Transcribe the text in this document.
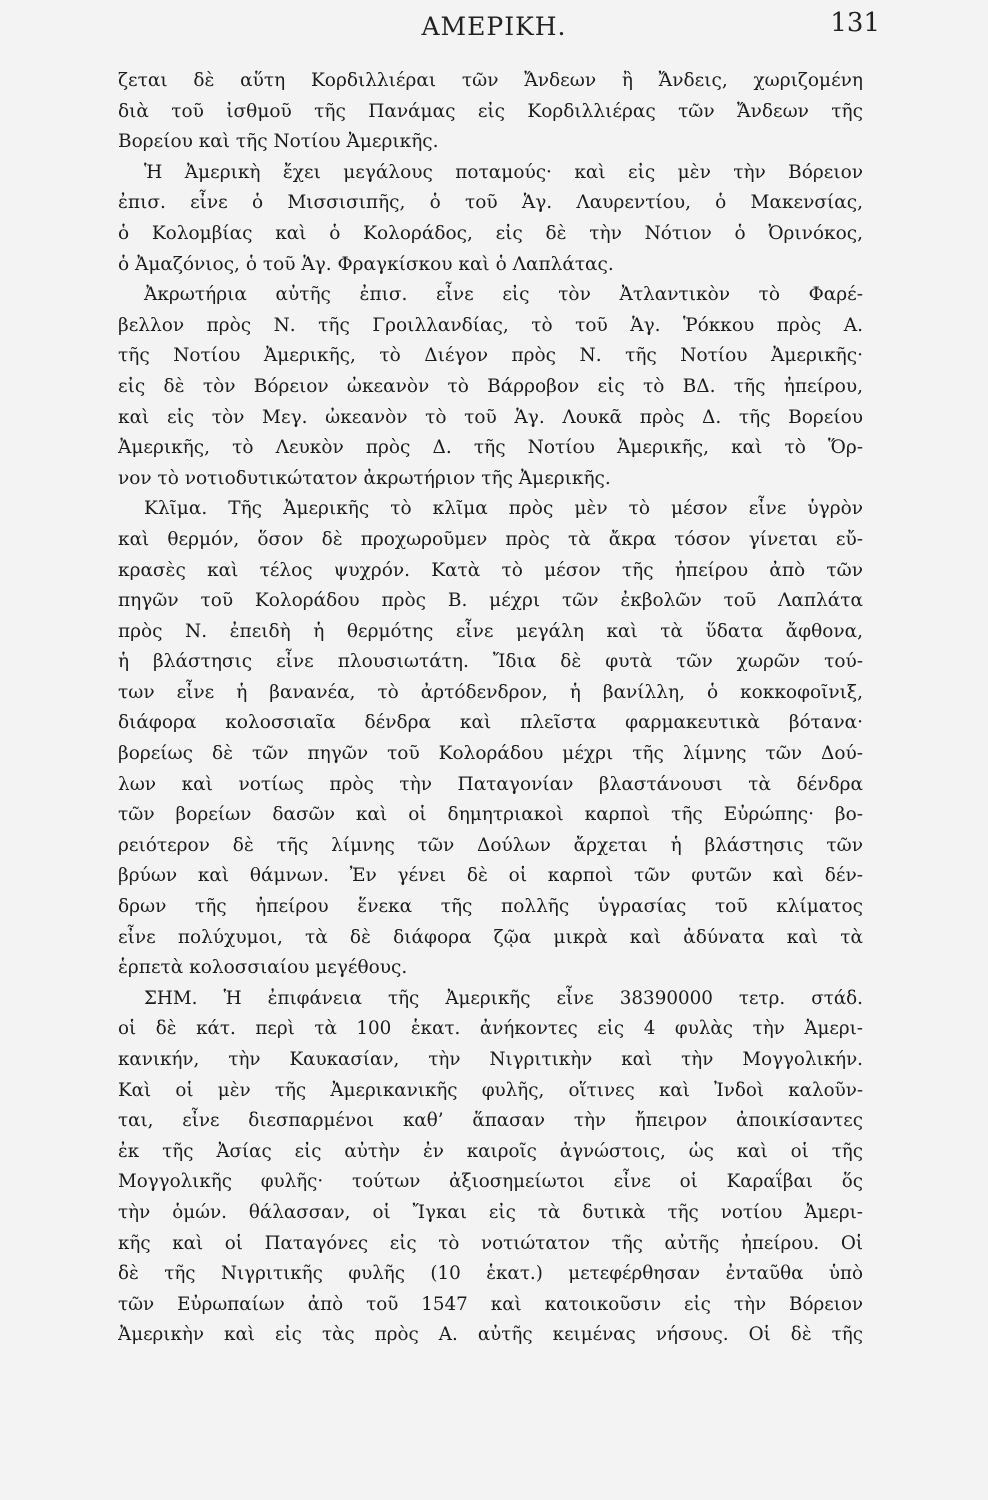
ΑΜΕΡΙΚΗ.	131
ζεται δὲ αὕτη Κορδιλλιέραι τῶν Ἄνδεων ἢ Ἄνδεις, χωριζομένη
διὰ τοῦ ἰσθμοῦ τῆς Πανάμας εἰς Κορδιλλιέρας τῶν Ἄνδεων τῆς
Βορείου καὶ τῆς Νοτίου Ἀμερικῆς.
Ἡ Ἀμερικὴ ἔχει μεγάλους ποταμούς· καὶ εἰς μὲν τὴν Βόρειον
ἐπισ. εἶνε ὁ Μισσισιπῆς, ὁ τοῦ Ἁγ. Λαυρεντίου, ὁ Μακενσίας,
ὁ Κολομβίας καὶ ὁ Κολοράδος, εἰς δὲ τὴν Νότιον ὁ Ὀρινόκος,
ὁ Ἀμαζόνιος, ὁ τοῦ Ἁγ. Φραγκίσκου καὶ ὁ Λαπλάτας.
Ἀκρωτήρια αὐτῆς ἐπισ. εἶνε εἰς τὸν Ἀτλαντικὸν τὸ Φαρέ-
βελλον πρὸς Ν. τῆς Γροιλλανδίας, τὸ τοῦ Ἁγ. Ῥόκκου πρὸς Α.
τῆς Νοτίου Ἀμερικῆς, τὸ Διέγον πρὸς Ν. τῆς Νοτίου Ἀμερικῆς·
εἰς δὲ τὸν Βόρειον ὠκεανὸν τὸ Βάρροβον εἰς τὸ ΒΔ. τῆς ἠπείρου,
καὶ εἰς τὸν Μεγ. ὠκεανὸν τὸ τοῦ Ἁγ. Λουκᾶ πρὸς Δ. τῆς Βορείου
Ἀμερικῆς, τὸ Λευκὸν πρὸς Δ. τῆς Νοτίου Ἀμερικῆς, καὶ τὸ Ὅρ-
νον τὸ νοτιοδυτικώτατον ἀκρωτήριον τῆς Ἀμερικῆς.
Κλῖμα. Τῆς Ἀμερικῆς τὸ κλῖμα πρὸς μὲν τὸ μέσον εἶνε ὑγρὸν
καὶ θερμόν, ὅσον δὲ προχωροῦμεν πρὸς τὰ ἄκρα τόσον γίνεται εὔ-
κρασὲς καὶ τέλος ψυχρόν. Κατὰ τὸ μέσον τῆς ἠπείρου ἀπὸ τῶν
πηγῶν τοῦ Κολοράδου πρὸς Β. μέχρι τῶν ἐκβολῶν τοῦ Λαπλάτα
πρὸς Ν. ἐπειδὴ ἡ θερμότης εἶνε μεγάλη καὶ τὰ ὕδατα ἄφθονα,
ἡ βλάστησις εἶνε πλουσιωτάτη. Ἴδια δὲ φυτὰ τῶν χωρῶν τού-
των εἶνε ἡ βανανέα, τὸ ἀρτόδενδρον, ἡ βανίλλη, ὁ κοκκοφοῖνιξ,
διάφορα κολοσσιαῖα δένδρα καὶ πλεῖστα φαρμακευτικὰ βότανα·
βορείως δὲ τῶν πηγῶν τοῦ Κολοράδου μέχρι τῆς λίμνης τῶν Δού-
λων καὶ νοτίως πρὸς τὴν Παταγονίαν βλαστάνουσι τὰ δένδρα
τῶν βορείων δασῶν καὶ οἱ δημητριακοὶ καρποὶ τῆς Εὐρώπης· βο-
ρειότερον δὲ τῆς λίμνης τῶν Δούλων ἄρχεται ἡ βλάστησις τῶν
βρύων καὶ θάμνων. Ἐν γένει δὲ οἱ καρποὶ τῶν φυτῶν καὶ δέν-
δρων τῆς ἠπείρου ἕνεκα τῆς πολλῆς ὑγρασίας τοῦ κλίματος
εἶνε πολύχυμοι, τὰ δὲ διάφορα ζῷα μικρὰ καὶ ἀδύνατα καὶ τὰ
ἑρπετὰ κολοσσιαίου μεγέθους.
ΣΗΜ. Ἡ ἐπιφάνεια τῆς Ἀμερικῆς εἶνε 38390000 τετρ. στάδ.
οἱ δὲ κάτ. περὶ τὰ 100 ἑκατ. ἀνήκοντες εἰς 4 φυλὰς τὴν Ἀμερι-
κανικήν, τὴν Καυκασίαν, τὴν Νιγριτικὴν καὶ τὴν Μογγολικήν.
Καὶ οἱ μὲν τῆς Ἀμερικανικῆς φυλῆς, οἵτινες καὶ Ἰνδοὶ καλοῦν-
ται, εἶνε διεσπαρμένοι καθ’ ἅπασαν τὴν ἤπειρον ἀποικίσαντες
ἐκ τῆς Ἀσίας εἰς αὐτὴν ἐν καιροῖς ἀγνώστοις, ὡς καὶ οἱ τῆς
Μογγολικῆς φυλῆς· τούτων ἀξιοσημείωτοι εἶνε οἱ Καραΐβαι ὅς
τὴν ὁμών. θάλασσαν, οἱ Ἴγκαι εἰς τὰ δυτικὰ τῆς νοτίου Ἀμερι-
κῆς καὶ οἱ Παταγόνες εἰς τὸ νοτιώτατον τῆς αὐτῆς ἠπείρου. Οἱ
δὲ τῆς Νιγριτικῆς φυλῆς (10 ἑκατ.) μετεφέρθησαν ἐνταῦθα ὑπὸ
τῶν Εὐρωπαίων ἀπὸ τοῦ 1547 καὶ κατοικοῦσιν εἰς τὴν Βόρειον
Ἀμερικὴν καὶ εἰς τὰς πρὸς Α. αὐτῆς κειμένας νήσους. Οἱ δὲ τῆς
